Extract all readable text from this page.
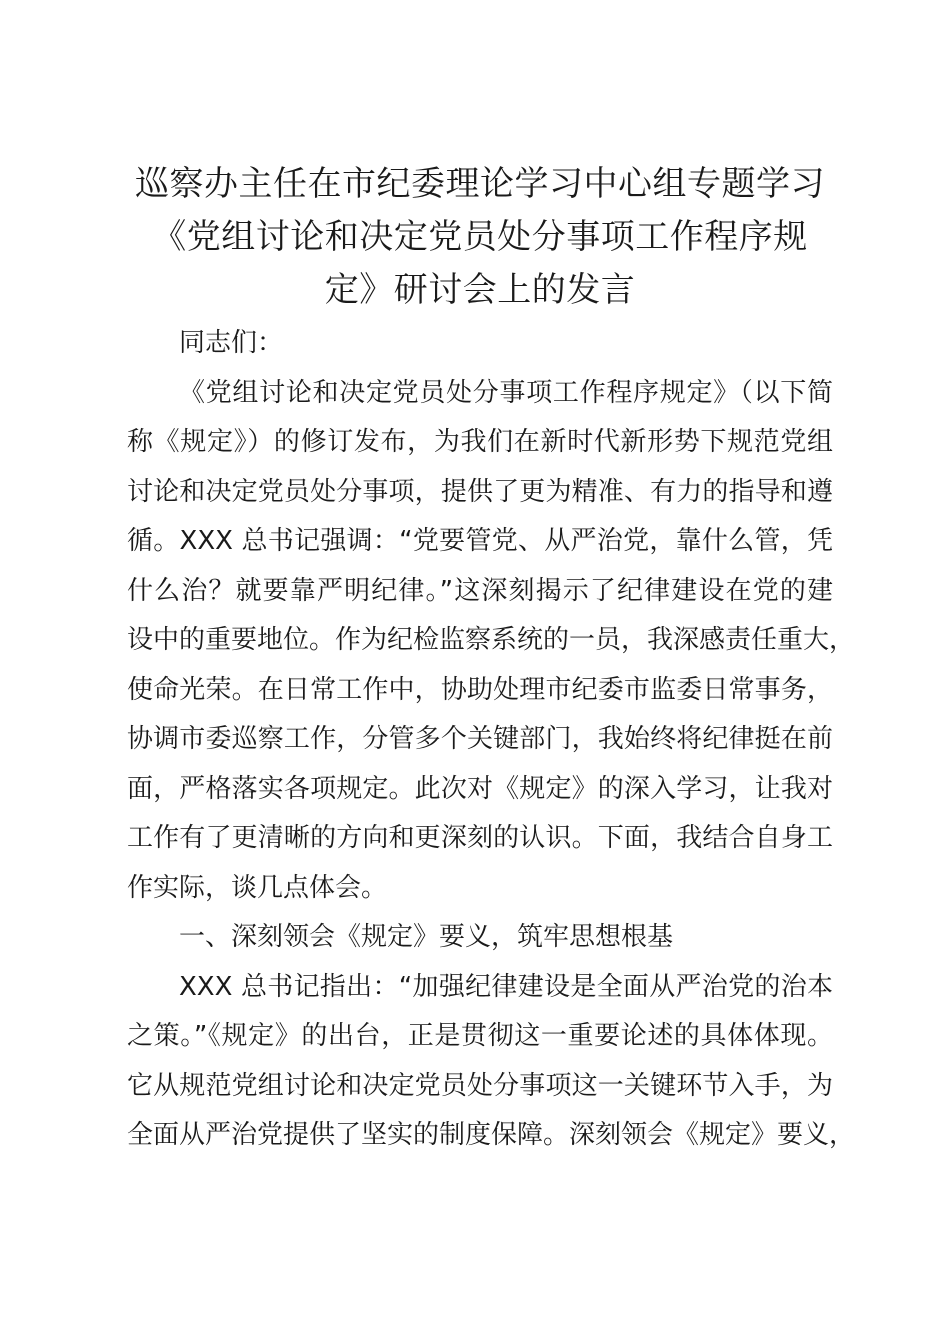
巡察办主任在市纪委理论学习中心组专题学习
《党组讨论和决定党员处分事项工作程序规
定》研讨会上的发言

同志们：

《党组讨论和决定党员处分事项工作程序规定》（以下简
称《规定》）的修订发布，为我们在新时代新形势下规范党组
讨论和决定党员处分事项，提供了更为精准、有力的指导和遵
循。XXX 总书记强调：“党要管党、从严治党，靠什么管，凭
什么治？就要靠严明纪律。”这深刻揭示了纪律建设在党的建
设中的重要地位。作为纪检监察系统的一员，我深感责任重大，
使命光荣。在日常工作中，协助处理市纪委市监委日常事务，
协调市委巡察工作，分管多个关键部门，我始终将纪律挺在前
面，严格落实各项规定。此次对《规定》的深入学习，让我对
工作有了更清晰的方向和更深刻的认识。下面，我结合自身工
作实际，谈几点体会。

一、深刻领会《规定》要义，筑牢思想根基

XXX 总书记指出：“加强纪律建设是全面从严治党的治本
之策。”《规定》的出台，正是贯彻这一重要论述的具体体现。
它从规范党组讨论和决定党员处分事项这一关键环节入手，为
全面从严治党提供了坚实的制度保障。深刻领会《规定》要义，
